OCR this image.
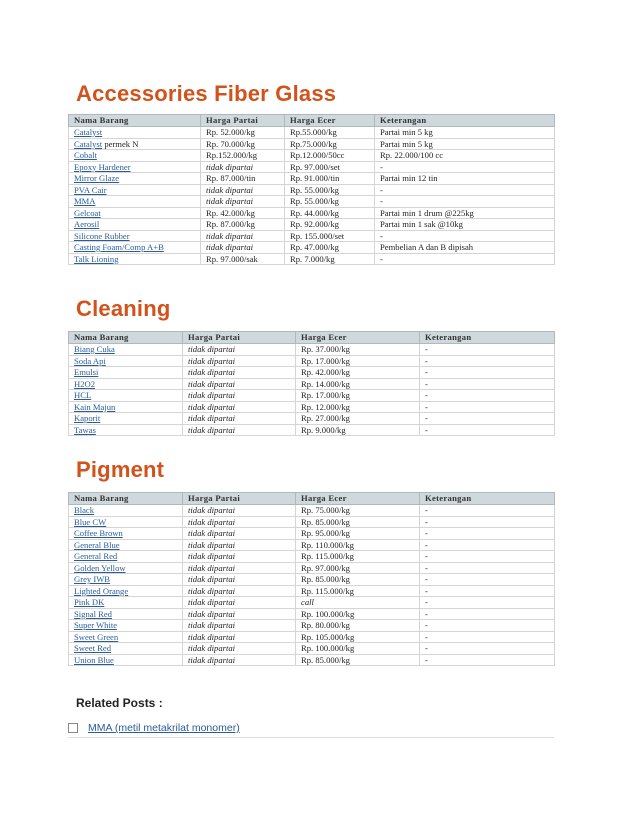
Accessories Fiber Glass
Nama Barang	Harga Partai	Harga Ecer	Keterangan
Catalyst	Rp. 52.000/kg	Rp.55.000/kg	Partai min 5 kg
Catalyst permek N	Rp. 70.000/kg	Rp.75.000/kg	Partai min 5 kg
Cobalt	Rp.152.000/kg	Rp.12.000/50cc	Rp. 22.000/100 cc
Epoxy Hardener	tidak dipartai	Rp. 97.000/set	-
Mirror Glaze	Rp. 87.000/tin	Rp. 91.000/tin	Partai min 12 tin
PVA Cair	tidak dipartai	Rp. 55.000/kg	-
MMA	tidak dipartai	Rp. 55.000/kg	-
Gelcoat	Rp. 42.000/kg	Rp. 44.000/kg	Partai min 1 drum @225kg
Aerosil	Rp. 87.000/kg	Rp. 92.000/kg	Partai min 1 sak @10kg
Silicone Rubber	tidak dipartai	Rp. 155.000/set	-
Casting Foam/Comp A+B	tidak dipartai	Rp. 47.000/kg	Pembelian A dan B dipisah
Talk Lioning	Rp. 97.000/sak	Rp. 7.000/kg	-
Cleaning
Nama Barang	Harga Partai	Harga Ecer	Keterangan
Biang Cuka	tidak dipartai	Rp. 37.000/kg	-
Soda Api	tidak dipartai	Rp. 17.000/kg	-
Emulsi	tidak dipartai	Rp. 42.000/kg	-
H2O2	tidak dipartai	Rp. 14.000/kg	-
HCL	tidak dipartai	Rp. 17.000/kg	-
Kain Majun	tidak dipartai	Rp. 12.000/kg	-
Kaporit	tidak dipartai	Rp. 27.000/kg	-
Tawas	tidak dipartai	Rp. 9.000/kg	-
Pigment
Nama Barang	Harga Partai	Harga Ecer	Keterangan
Black	tidak dipartai	Rp. 75.000/kg	-
Blue CW	tidak dipartai	Rp. 85.000/kg	-
Coffee Brown	tidak dipartai	Rp. 95.000/kg	-
General Blue	tidak dipartai	Rp. 110.000/kg	-
General Red	tidak dipartai	Rp. 115.000/kg	-
Golden Yellow	tidak dipartai	Rp. 97.000/kg	-
Grey IWB	tidak dipartai	Rp. 85.000/kg	-
Lighted Orange	tidak dipartai	Rp. 115.000/kg	-
Pink DK	tidak dipartai	call	-
Signal Red	tidak dipartai	Rp. 100.000/kg	-
Super White	tidak dipartai	Rp. 80.000/kg	-
Sweet Green	tidak dipartai	Rp. 105.000/kg	-
Sweet Red	tidak dipartai	Rp. 100.000/kg	-
Union Blue	tidak dipartai	Rp. 85.000/kg	-
Related Posts :
MMA (metil metakrilat monomer)
